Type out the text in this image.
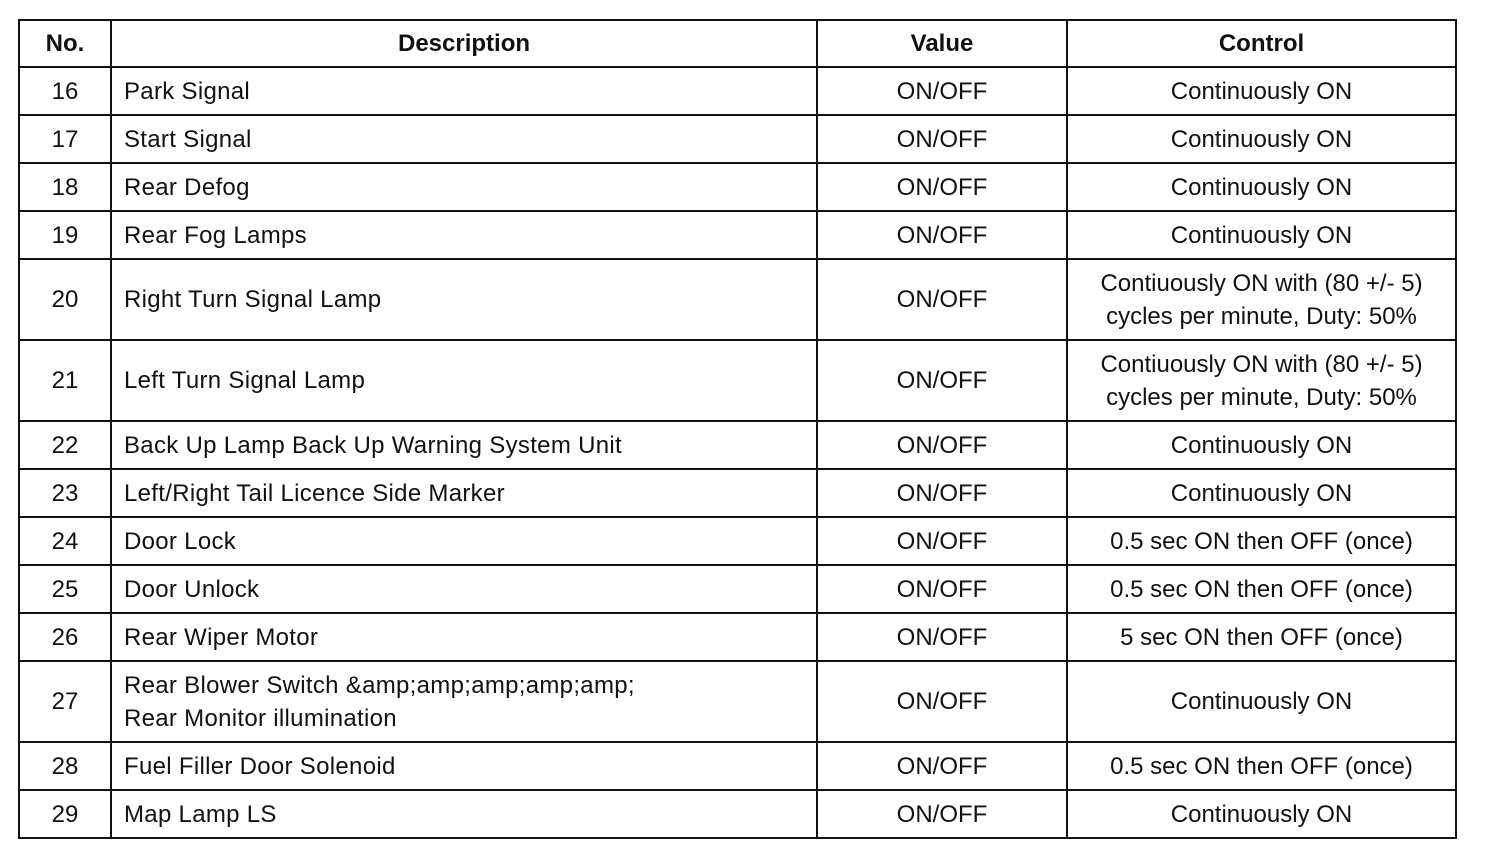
No.	Description	Value	Control
16	Park Signal	ON/OFF	Continuously ON

17	Start Signal	ON/OFF	Continuously ON

18	Rear Defog	ON/OFF	Continuously ON

19	Rear Fog Lamps	ON/OFF	Continuously ON

20	Right Turn Signal Lamp	ON/OFF	Contiuously ON with (80 +/- 5)
cycles per minute, Duty: 50%

21	Left Turn Signal Lamp	ON/OFF	Contiuously ON with (80 +/- 5)
cycles per minute, Duty: 50%

22	Back Up Lamp Back Up Warning System Unit	ON/OFF	Continuously ON

23	Left/Right Tail Licence Side Marker	ON/OFF	Continuously ON

24	Door Lock	ON/OFF	0.5 sec ON then OFF (once)

25	Door Unlock	ON/OFF	0.5 sec ON then OFF (once)

26	Rear Wiper Motor	ON/OFF	5 sec ON then OFF (once)

27	Rear Blower Switch &amp;amp;amp;amp;amp;
Rear Monitor illumination	ON/OFF	Continuously ON

28	Fuel Filler Door Solenoid	ON/OFF	0.5 sec ON then OFF (once)

29	Map Lamp LS	ON/OFF	Continuously ON
